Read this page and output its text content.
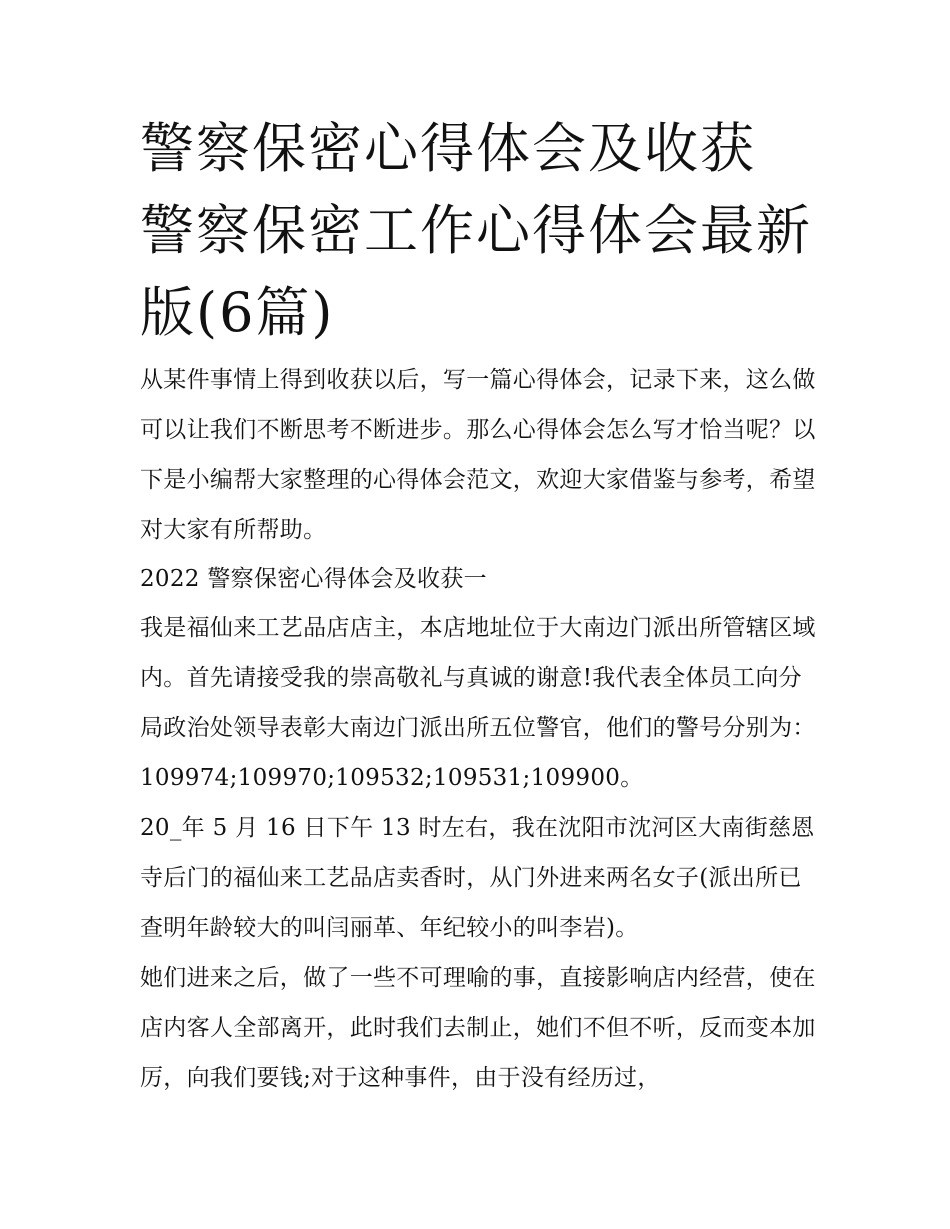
警察保密心得体会及收获 警察保密工作心得体会最新版(6篇)

从某件事情上得到收获以后，写一篇心得体会，记录下来，这么做可以让我们不断思考不断进步。那么心得体会怎么写才恰当呢？以下是小编帮大家整理的心得体会范文，欢迎大家借鉴与参考，希望对大家有所帮助。

2022 警察保密心得体会及收获一

我是福仙来工艺品店店主，本店地址位于大南边门派出所管辖区域内。首先请接受我的崇高敬礼与真诚的谢意!我代表全体员工向分局政治处领导表彰大南边门派出所五位警官，他们的警号分别为：109974;109970;109532;109531;109900。

20_年 5 月 16 日下午 13 时左右，我在沈阳市沈河区大南街慈恩寺后门的福仙来工艺品店卖香时，从门外进来两名女子(派出所已查明年龄较大的叫闫丽革、年纪较小的叫李岩)。

她们进来之后，做了一些不可理喻的事，直接影响店内经营，使在店内客人全部离开，此时我们去制止，她们不但不听，反而变本加厉，向我们要钱;对于这种事件，由于没有经历过，
